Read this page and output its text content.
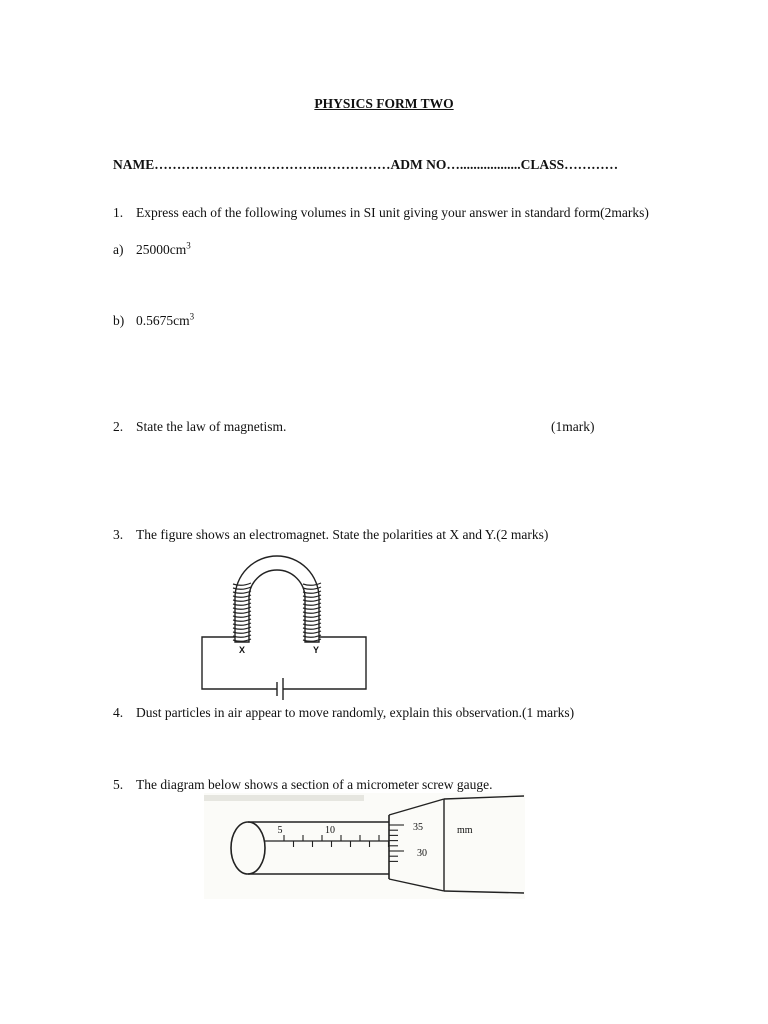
PHYSICS FORM TWO
NAME………………………………..……………ADM NO…..................CLASS…………
1. Express each of the following volumes in SI unit giving your answer in standard form(2marks)
a) $25000cm^3$
b) $0.5675cm^3$
2. State the law of magnetism.	(1mark)
3. The figure shows an electromagnet. State the polarities at X and Y.(2 marks)
X	Y
4. Dust particles in air appear to move randomly, explain this observation.(1 marks)
5. The diagram below shows a section of a micrometer screw gauge.
5	10	35
30
mm
